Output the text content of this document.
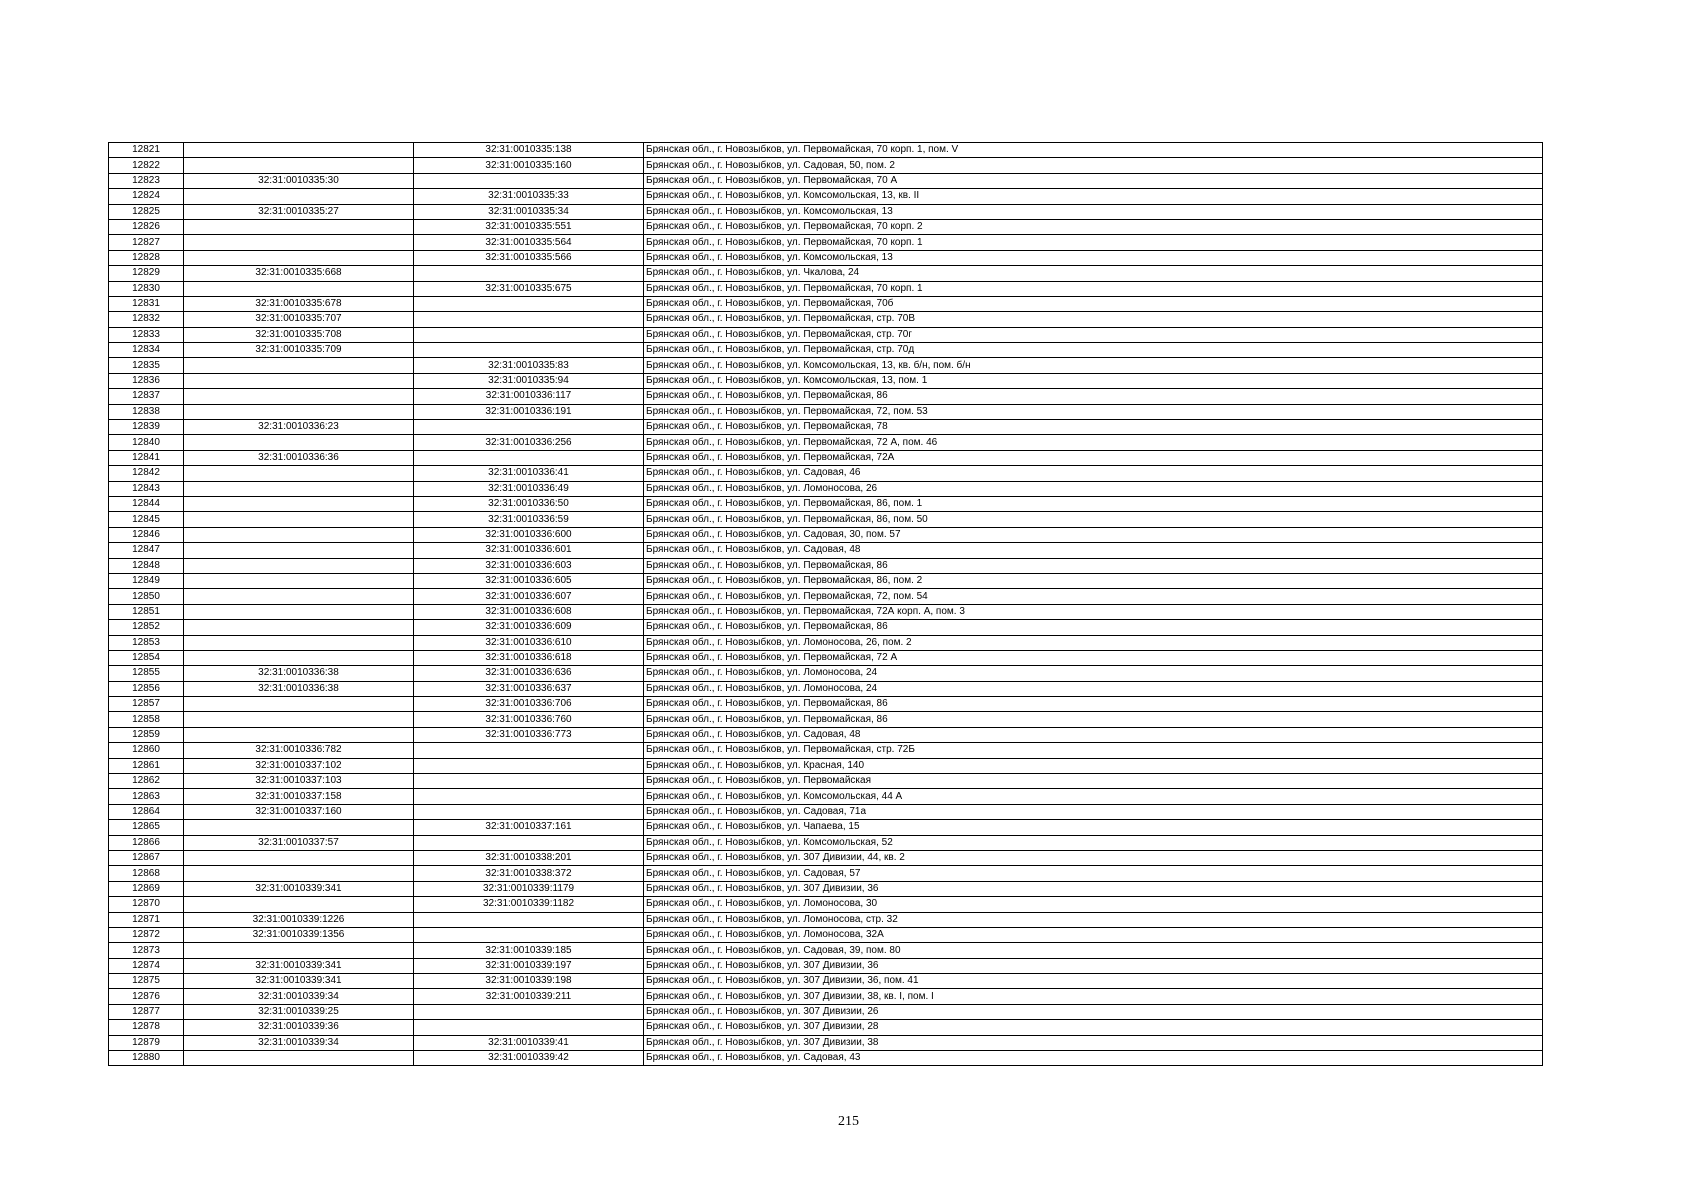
12821		32:31:0010335:138	Брянская обл., г. Новозыбков, ул. Первомайская, 70 корп. 1, пом. V
12822		32:31:0010335:160	Брянская обл., г. Новозыбков, ул. Садовая, 50, пом. 2
12823	32:31:0010335:30		Брянская обл., г. Новозыбков, ул. Первомайская, 70 А
12824		32:31:0010335:33	Брянская обл., г. Новозыбков, ул. Комсомольская, 13, кв. II
12825	32:31:0010335:27	32:31:0010335:34	Брянская обл., г. Новозыбков, ул. Комсомольская, 13
12826		32:31:0010335:551	Брянская обл., г. Новозыбков, ул. Первомайская, 70 корп. 2
12827		32:31:0010335:564	Брянская обл., г. Новозыбков, ул. Первомайская, 70 корп. 1
12828		32:31:0010335:566	Брянская обл., г. Новозыбков, ул. Комсомольская, 13
12829	32:31:0010335:668		Брянская обл., г. Новозыбков, ул. Чкалова, 24
12830		32:31:0010335:675	Брянская обл., г. Новозыбков, ул. Первомайская, 70 корп. 1
12831	32:31:0010335:678		Брянская обл., г. Новозыбков, ул. Первомайская, 70б
12832	32:31:0010335:707		Брянская обл., г. Новозыбков, ул. Первомайская, стр. 70В
12833	32:31:0010335:708		Брянская обл., г. Новозыбков, ул. Первомайская, стр. 70г
12834	32:31:0010335:709		Брянская обл., г. Новозыбков, ул. Первомайская, стр. 70д
12835		32:31:0010335:83	Брянская обл., г. Новозыбков, ул. Комсомольская, 13, кв. б/н, пом. б/н
12836		32:31:0010335:94	Брянская обл., г. Новозыбков, ул. Комсомольская, 13, пом. 1
12837		32:31:0010336:117	Брянская обл., г. Новозыбков, ул. Первомайская, 86
12838		32:31:0010336:191	Брянская обл., г. Новозыбков, ул. Первомайская, 72, пом. 53
12839	32:31:0010336:23		Брянская обл., г. Новозыбков, ул. Первомайская, 78
12840		32:31:0010336:256	Брянская обл., г. Новозыбков, ул. Первомайская, 72 А, пом. 46
12841	32:31:0010336:36		Брянская обл., г. Новозыбков, ул. Первомайская, 72А
12842		32:31:0010336:41	Брянская обл., г. Новозыбков, ул. Садовая, 46
12843		32:31:0010336:49	Брянская обл., г. Новозыбков, ул. Ломоносова, 26
12844		32:31:0010336:50	Брянская обл., г. Новозыбков, ул. Первомайская, 86, пом. 1
12845		32:31:0010336:59	Брянская обл., г. Новозыбков, ул. Первомайская, 86, пом. 50
12846		32:31:0010336:600	Брянская обл., г. Новозыбков, ул. Садовая, 30, пом. 57
12847		32:31:0010336:601	Брянская обл., г. Новозыбков, ул. Садовая, 48
12848		32:31:0010336:603	Брянская обл., г. Новозыбков, ул. Первомайская, 86
12849		32:31:0010336:605	Брянская обл., г. Новозыбков, ул. Первомайская, 86, пом. 2
12850		32:31:0010336:607	Брянская обл., г. Новозыбков, ул. Первомайская, 72, пом. 54
12851		32:31:0010336:608	Брянская обл., г. Новозыбков, ул. Первомайская, 72А корп. А, пом. 3
12852		32:31:0010336:609	Брянская обл., г. Новозыбков, ул. Первомайская, 86
12853		32:31:0010336:610	Брянская обл., г. Новозыбков, ул. Ломоносова, 26, пом. 2
12854		32:31:0010336:618	Брянская обл., г. Новозыбков, ул. Первомайская, 72 А
12855	32:31:0010336:38	32:31:0010336:636	Брянская обл., г. Новозыбков, ул. Ломоносова, 24
12856	32:31:0010336:38	32:31:0010336:637	Брянская обл., г. Новозыбков, ул. Ломоносова, 24
12857		32:31:0010336:706	Брянская обл., г. Новозыбков, ул. Первомайская, 86
12858		32:31:0010336:760	Брянская обл., г. Новозыбков, ул. Первомайская, 86
12859		32:31:0010336:773	Брянская обл., г. Новозыбков, ул. Садовая, 48
12860	32:31:0010336:782		Брянская обл., г. Новозыбков, ул. Первомайская, стр. 72Б
12861	32:31:0010337:102		Брянская обл., г. Новозыбков, ул. Красная, 140
12862	32:31:0010337:103		Брянская обл., г. Новозыбков, ул. Первомайская
12863	32:31:0010337:158		Брянская обл., г. Новозыбков, ул. Комсомольская, 44 А
12864	32:31:0010337:160		Брянская обл., г. Новозыбков, ул. Садовая, 71а
12865		32:31:0010337:161	Брянская обл., г. Новозыбков, ул. Чапаева, 15
12866	32:31:0010337:57		Брянская обл., г. Новозыбков, ул. Комсомольская, 52
12867		32:31:0010338:201	Брянская обл., г. Новозыбков, ул. 307 Дивизии, 44, кв. 2
12868		32:31:0010338:372	Брянская обл., г. Новозыбков, ул. Садовая, 57
12869	32:31:0010339:341	32:31:0010339:1179	Брянская обл., г. Новозыбков, ул. 307 Дивизии, 36
12870		32:31:0010339:1182	Брянская обл., г. Новозыбков, ул. Ломоносова, 30
12871	32:31:0010339:1226		Брянская обл., г. Новозыбков, ул. Ломоносова, стр. 32
12872	32:31:0010339:1356		Брянская обл., г. Новозыбков, ул. Ломоносова, 32А
12873		32:31:0010339:185	Брянская обл., г. Новозыбков, ул. Садовая, 39, пом. 80
12874	32:31:0010339:341	32:31:0010339:197	Брянская обл., г. Новозыбков, ул. 307 Дивизии, 36
12875	32:31:0010339:341	32:31:0010339:198	Брянская обл., г. Новозыбков, ул. 307 Дивизии, 36, пом. 41
12876	32:31:0010339:34	32:31:0010339:211	Брянская обл., г. Новозыбков, ул. 307 Дивизии, 38, кв. I, пом. I
12877	32:31:0010339:25		Брянская обл., г. Новозыбков, ул. 307 Дивизии, 26
12878	32:31:0010339:36		Брянская обл., г. Новозыбков, ул. 307 Дивизии, 28
12879	32:31:0010339:34	32:31:0010339:41	Брянская обл., г. Новозыбков, ул. 307 Дивизии, 38
12880		32:31:0010339:42	Брянская обл., г. Новозыбков, ул. Садовая, 43
215
